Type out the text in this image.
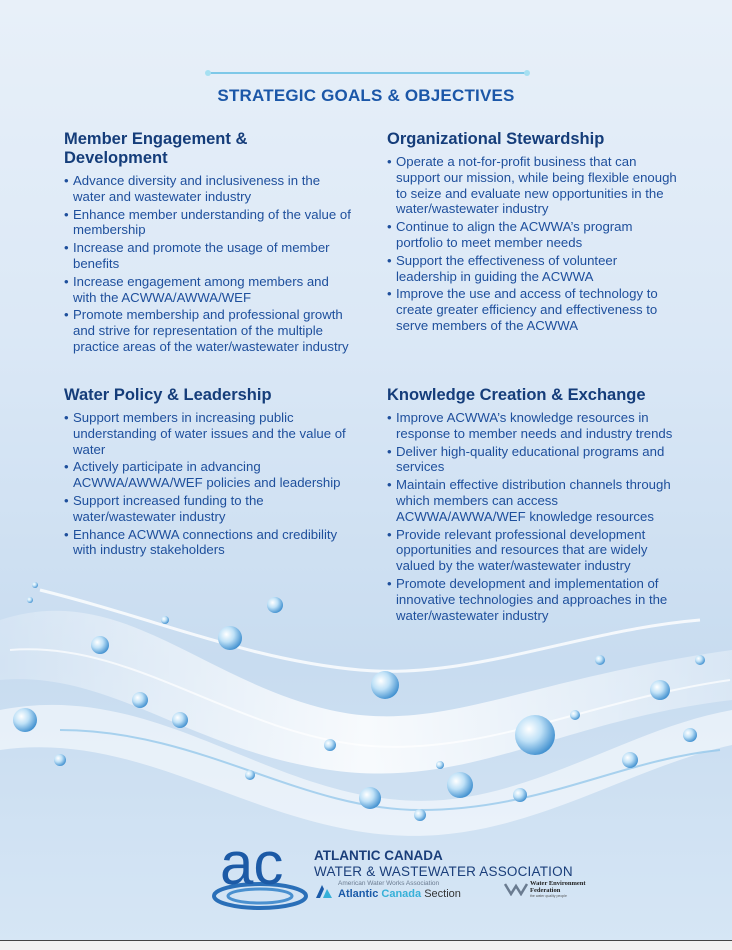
STRATEGIC GOALS & OBJECTIVES
Member Engagement & Development
• Advance diversity and inclusiveness in the water and wastewater industry
• Enhance member understanding of the value of membership
• Increase and promote the usage of member benefits
• Increase engagement among members and with the ACWWA/AWWA/WEF
• Promote membership and professional growth and strive for representation of the multiple practice areas of the water/wastewater industry
Organizational Stewardship
• Operate a not-for-profit business that can support our mission, while being flexible enough to seize and evaluate new opportunities in the water/wastewater industry
• Continue to align the ACWWA’s program portfolio to meet member needs
• Support the effectiveness of volunteer leadership in guiding the ACWWA
• Improve the use and access of technology to create greater efficiency and effectiveness to serve members of the ACWWA
Water Policy & Leadership
• Support members in increasing public understanding of water issues and the value of water
• Actively participate in advancing ACWWA/AWWA/WEF policies and leadership
• Support increased funding to the water/wastewater industry
• Enhance ACWWA connections and credibility with industry stakeholders
Knowledge Creation & Exchange
• Improve ACWWA’s knowledge resources in response to member needs and industry trends
• Deliver high-quality educational programs and services
• Maintain effective distribution channels through which members can access ACWWA/AWWA/WEF knowledge resources
• Provide relevant professional development opportunities and resources that are widely valued by the water/wastewater industry
• Promote development and implementation of innovative technologies and approaches in the water/wastewater industry
ac ATLANTIC CANADA
WATER & WASTEWATER ASSOCIATION
American Water Works Association
Atlantic Canada Section
Water Environment
Federation
the water quality people
